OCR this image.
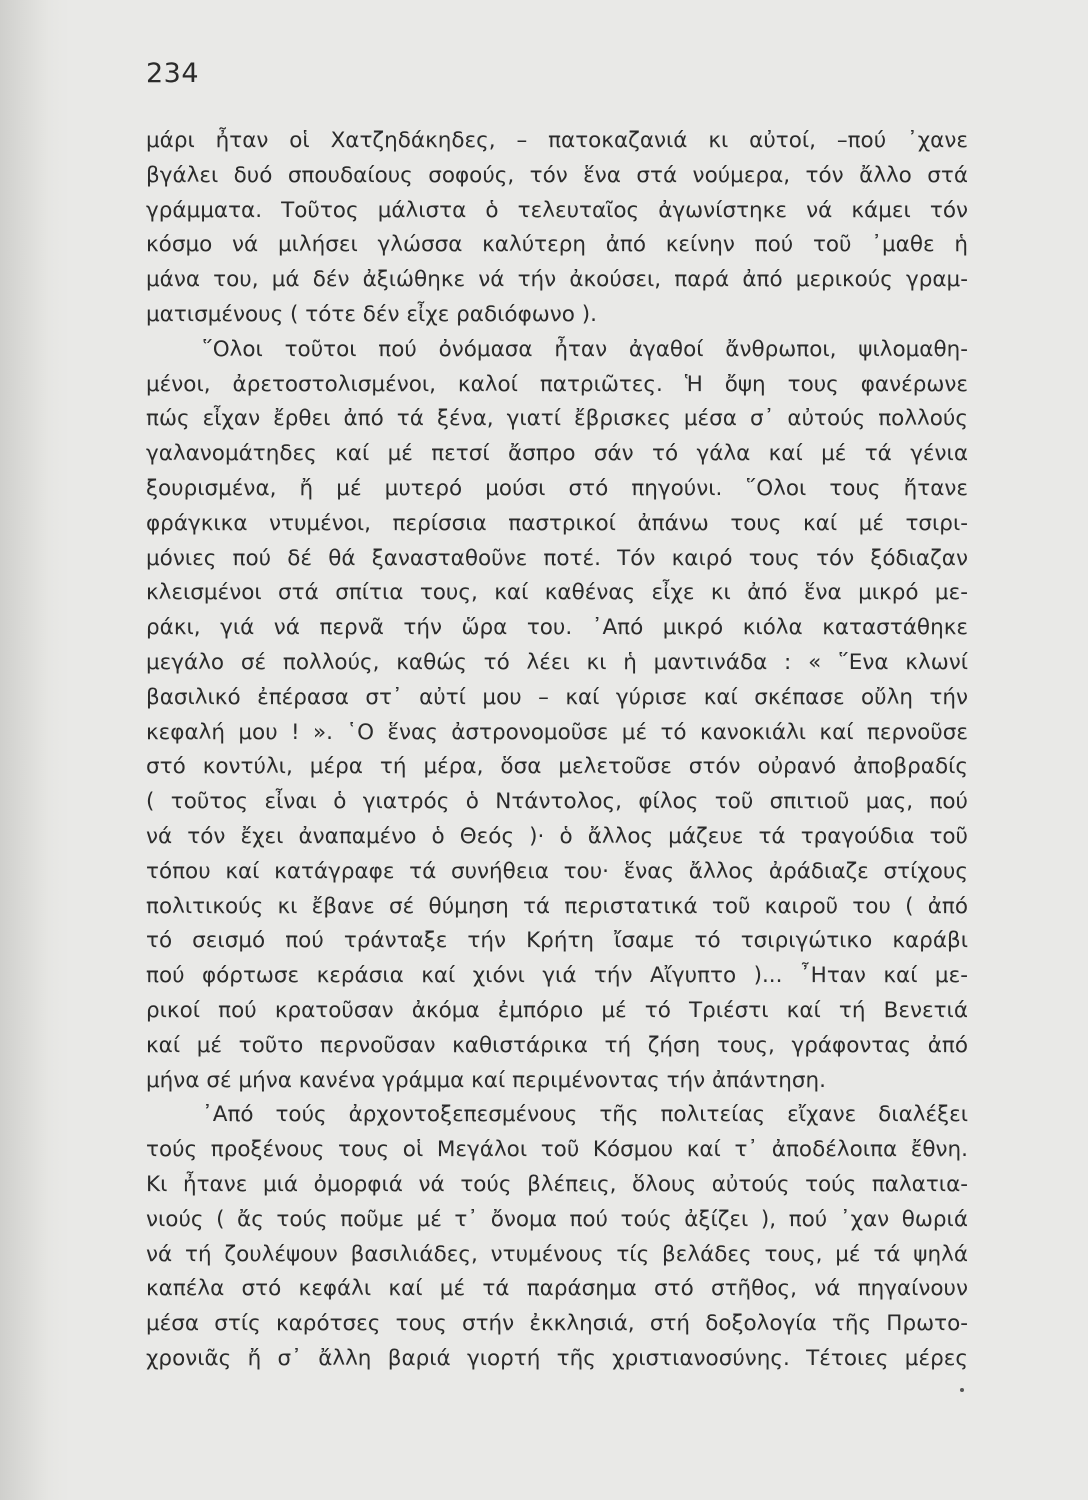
234
μάρι ἦταν οἱ Χατζηδάκηδες, – πατοκαζανιά κι αὐτοί, –πού ᾽χανε
βγάλει δυό σπουδαίους σοφούς, τόν ἕνα στά νούμερα, τόν ἄλλο στά
γράμματα. Τοῦτος μάλιστα ὁ τελευταῖος ἀγωνίστηκε νά κάμει τόν
κόσμο νά μιλήσει γλώσσα καλύτερη ἀπό κείνην πού τοῦ ᾽μαθε ἡ
μάνα του, μά δέν ἀξιώθηκε νά τήν ἀκούσει, παρά ἀπό μερικούς γραμ-
ματισμένους ( τότε δέν εἶχε ραδιόφωνο ).
῞Ολοι τοῦτοι πού ὀνόμασα ἦταν ἀγαθοί ἄνθρωποι, ψιλομαθη-
μένοι, ἀρετοστολισμένοι, καλοί πατριῶτες. Ἡ ὄψη τους φανέρωνε
πώς εἶχαν ἔρθει ἀπό τά ξένα, γιατί ἔβρισκες μέσα σ᾽ αὐτούς πολλούς
γαλανομάτηδες καί μέ πετσί ἄσπρο σάν τό γάλα καί μέ τά γένια
ξουρισμένα, ἤ μέ μυτερό μούσι στό πηγούνι. ῞Ολοι τους ἤτανε
φράγκικα ντυμένοι, περίσσια παστρικοί ἀπάνω τους καί μέ τσιρι-
μόνιες πού δέ θά ξανασταθοῦνε ποτέ. Τόν καιρό τους τόν ξόδιαζαν
κλεισμένοι στά σπίτια τους, καί καθένας εἶχε κι ἀπό ἕνα μικρό με-
ράκι, γιά νά περνᾶ τήν ὥρα του. ᾽Από μικρό κιόλα καταστάθηκε
μεγάλο σέ πολλούς, καθώς τό λέει κι ἡ μαντινάδα : « ῞Ενα κλωνί
βασιλικό ἐπέρασα στ᾽ αὐτί μου – καί γύρισε καί σκέπασε οὔλη τήν
κεφαλή μου ! ». ῾Ο ἕνας ἀστρονομοῦσε μέ τό κανοκιάλι καί περνοῦσε
στό κοντύλι, μέρα τή μέρα, ὅσα μελετοῦσε στόν οὐρανό ἀποβραδίς
( τοῦτος εἶναι ὁ γιατρός ὁ Ντάντολος, φίλος τοῦ σπιτιοῦ μας, πού
νά τόν ἔχει ἀναπαμένο ὁ Θεός )· ὁ ἄλλος μάζευε τά τραγούδια τοῦ
τόπου καί κατάγραφε τά συνήθεια του· ἕνας ἄλλος ἀράδιαζε στίχους
πολιτικούς κι ἔβανε σέ θύμηση τά περιστατικά τοῦ καιροῦ του ( ἀπό
τό σεισμό πού τράνταξε τήν Κρήτη ἴσαμε τό τσιριγώτικο καράβι
πού φόρτωσε κεράσια καί χιόνι γιά τήν Αἴγυπτο )... ῏Ηταν καί με-
ρικοί πού κρατοῦσαν ἀκόμα ἐμπόριο μέ τό Τριέστι καί τή Βενετιά
καί μέ τοῦτο περνοῦσαν καθιστάρικα τή ζήση τους, γράφοντας ἀπό
μήνα σέ μήνα κανένα γράμμα καί περιμένοντας τήν ἀπάντηση.
᾽Από τούς ἀρχοντοξεπεσμένους τῆς πολιτείας εἴχανε διαλέξει
τούς προξένους τους οἱ Μεγάλοι τοῦ Κόσμου καί τ᾽ ἀποδέλοιπα ἔθνη.
Κι ἦτανε μιά ὀμορφιά νά τούς βλέπεις, ὅλους αὐτούς τούς παλατια-
νιούς ( ἄς τούς ποῦμε μέ τ᾽ ὄνομα πού τούς ἀξίζει ), πού ᾽χαν θωριά
νά τή ζουλέψουν βασιλιάδες, ντυμένους τίς βελάδες τους, μέ τά ψηλά
καπέλα στό κεφάλι καί μέ τά παράσημα στό στῆθος, νά πηγαίνουν
μέσα στίς καρότσες τους στήν ἐκκλησιά, στή δοξολογία τῆς Πρωτο-
χρονιᾶς ἤ σ᾽ ἄλλη βαριά γιορτή τῆς χριστιανοσύνης. Τέτοιες μέρες
